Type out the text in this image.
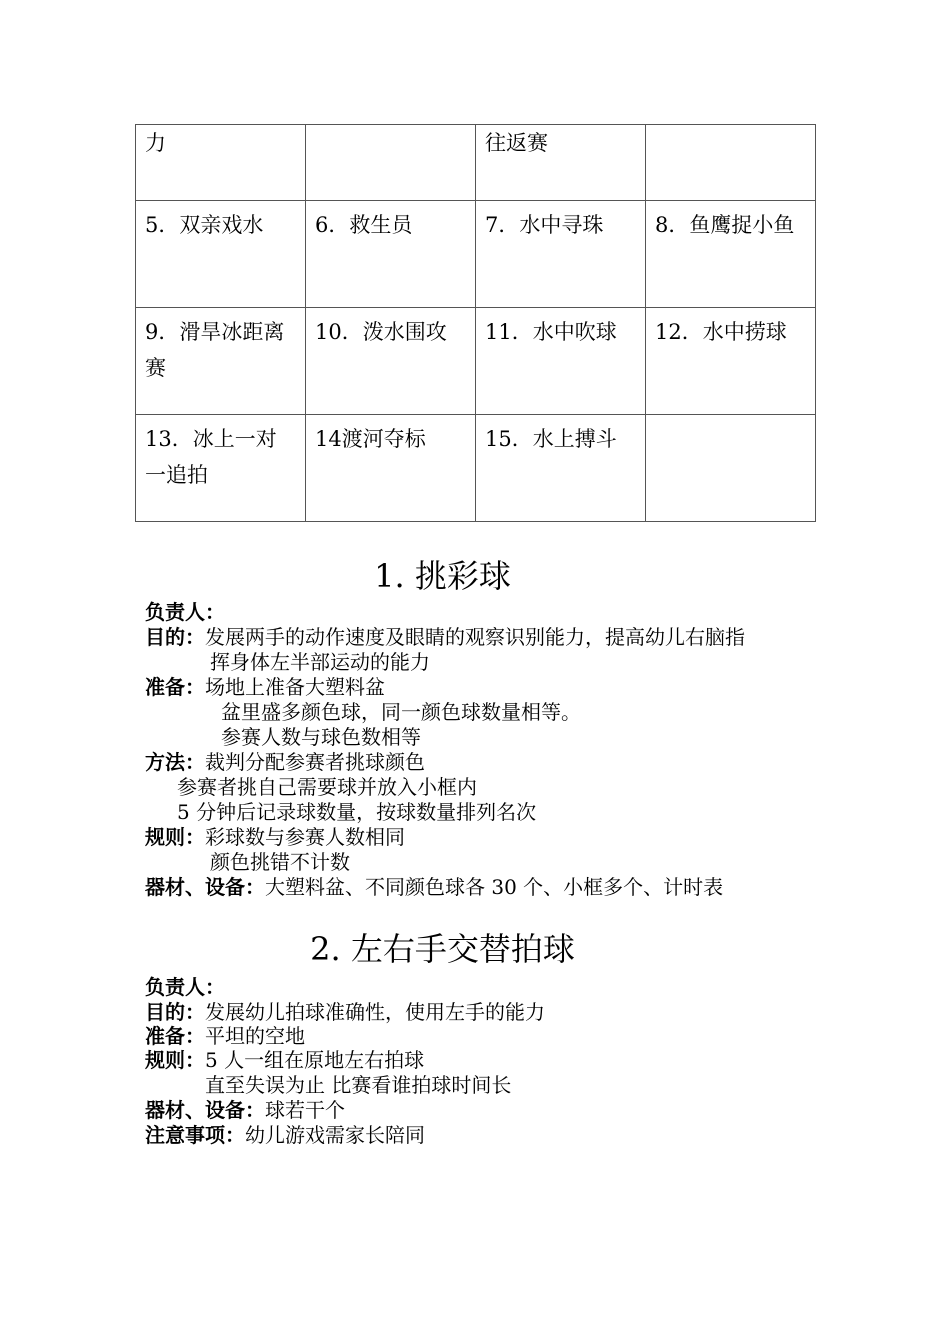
力		往返赛	
5．双亲戏水	6．救生员	7．水中寻珠	8．鱼鹰捉小鱼
9．滑旱冰距离赛	10．泼水围攻	11．水中吹球	12．水中捞球
13．冰上一对一追拍	14渡河夺标	15．水上搏斗	
1. 挑彩球
负责人：
目的：发展两手的动作速度及眼睛的观察识别能力，提高幼儿右脑指
挥身体左半部运动的能力
准备：场地上准备大塑料盆
盆里盛多颜色球，同一颜色球数量相等。
参赛人数与球色数相等
方法：裁判分配参赛者挑球颜色
参赛者挑自己需要球并放入小框内
5 分钟后记录球数量，按球数量排列名次
规则：彩球数与参赛人数相同
颜色挑错不计数
器材、设备：大塑料盆、不同颜色球各 30 个、小框多个、计时表
2. 左右手交替拍球
负责人：
目的：发展幼儿拍球准确性，使用左手的能力
准备：平坦的空地
规则：5 人一组在原地左右拍球
直至失误为止 比赛看谁拍球时间长
器材、设备：球若干个
注意事项：幼儿游戏需家长陪同
